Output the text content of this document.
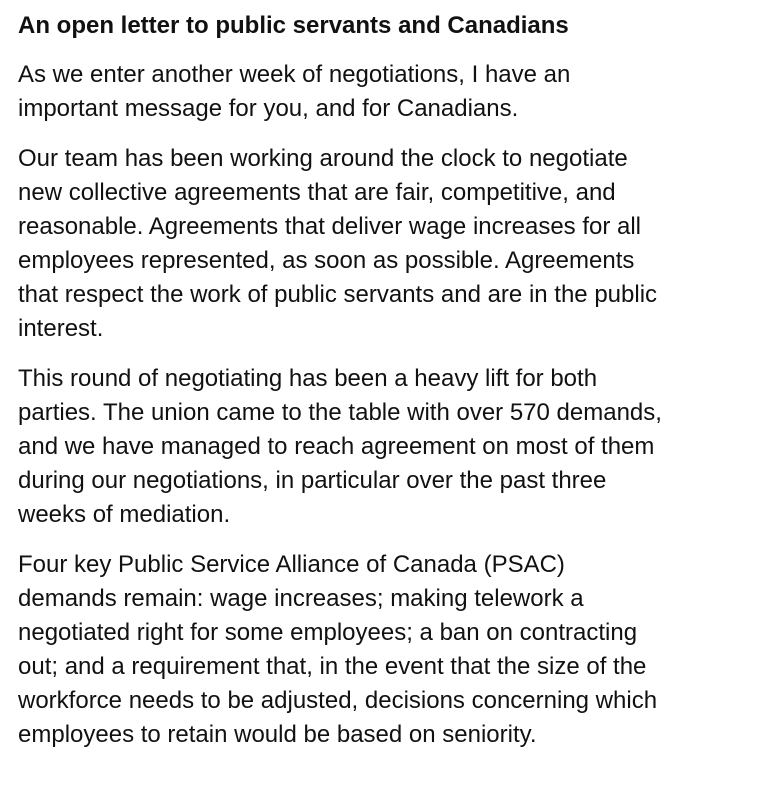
An open letter to public servants and Canadians

As we enter another week of negotiations, I have an
important message for you, and for Canadians.

Our team has been working around the clock to negotiate
new collective agreements that are fair, competitive, and
reasonable. Agreements that deliver wage increases for all
employees represented, as soon as possible. Agreements
that respect the work of public servants and are in the public
interest.

This round of negotiating has been a heavy lift for both
parties. The union came to the table with over 570 demands,
and we have managed to reach agreement on most of them
during our negotiations, in particular over the past three
weeks of mediation.

Four key Public Service Alliance of Canada (PSAC)
demands remain: wage increases; making telework a
negotiated right for some employees; a ban on contracting
out; and a requirement that, in the event that the size of the
workforce needs to be adjusted, decisions concerning which
employees to retain would be based on seniority.
